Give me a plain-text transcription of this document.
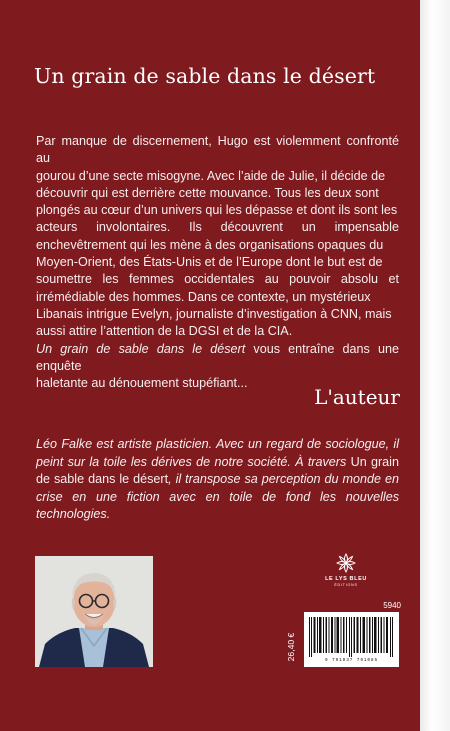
Un grain de sable dans le désert
Par manque de discernement, Hugo est violemment confronté au
gourou d’une secte misogyne. Avec l’aide de Julie, il décide de
découvrir qui est derrière cette mouvance. Tous les deux sont
plongés au cœur d’un univers qui les dépasse et dont ils sont les
acteurs involontaires. Ils découvrent un impensable
enchevêtrement qui les mène à des organisations opaques du
Moyen-Orient, des États-Unis et de l’Europe dont le but est de
soumettre les femmes occidentales au pouvoir absolu et
irrémédiable des hommes. Dans ce contexte, un mystérieux
Libanais intrigue Evelyn, journaliste d’investigation à CNN, mais
aussi attire l’attention de la DGSI et de la CIA.
Un grain de sable dans le désert vous entraîne dans une enquête
haletante au dénouement stupéfiant...
L'auteur
Léo Falke est artiste plasticien. Avec un regard de sociologue, il peint sur la toile les dérives de notre société. À travers Un grain de sable dans le désert, il transpose sa perception du monde en crise en une fiction avec en toile de fond les nouvelles technologies.
LE LYS BLEU
ÉDITIONS
5940
26,40 €	9 791037 791085
